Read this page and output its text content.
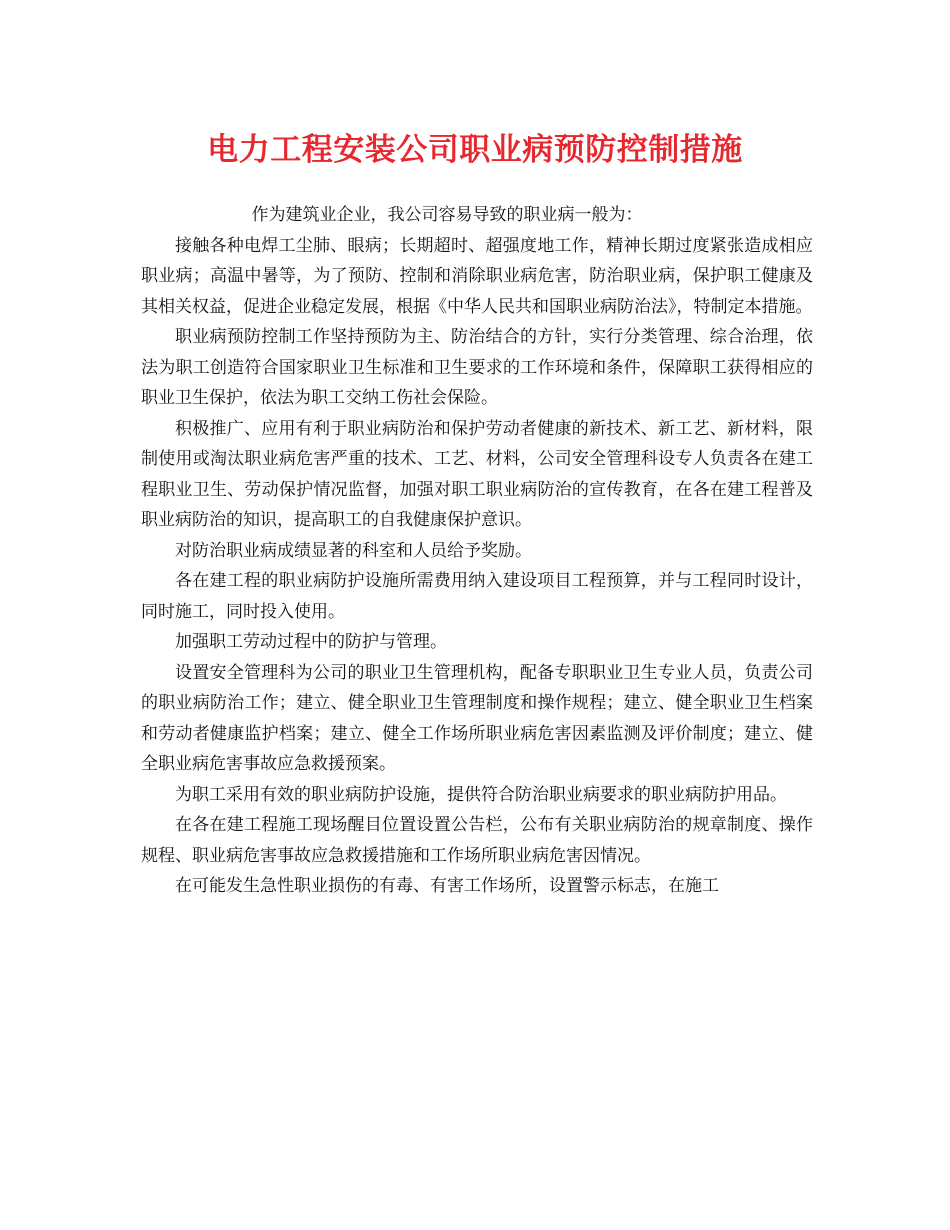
电力工程安装公司职业病预防控制措施

作为建筑业企业，我公司容易导致的职业病一般为：

接触各种电焊工尘肺、眼病；长期超时、超强度地工作，精神长期过度紧张造成相应职业病；高温中暑等，为了预防、控制和消除职业病危害，防治职业病，保护职工健康及其相关权益，促进企业稳定发展，根据《中华人民共和国职业病防治法》，特制定本措施。

职业病预防控制工作坚持预防为主、防治结合的方针，实行分类管理、综合治理，依法为职工创造符合国家职业卫生标准和卫生要求的工作环境和条件，保障职工获得相应的职业卫生保护，依法为职工交纳工伤社会保险。

积极推广、应用有利于职业病防治和保护劳动者健康的新技术、新工艺、新材料，限制使用或淘汰职业病危害严重的技术、工艺、材料，公司安全管理科设专人负责各在建工程职业卫生、劳动保护情况监督，加强对职工职业病防治的宣传教育，在各在建工程普及职业病防治的知识，提高职工的自我健康保护意识。

对防治职业病成绩显著的科室和人员给予奖励。

各在建工程的职业病防护设施所需费用纳入建设项目工程预算，并与工程同时设计，同时施工，同时投入使用。

加强职工劳动过程中的防护与管理。

设置安全管理科为公司的职业卫生管理机构，配备专职职业卫生专业人员，负责公司的职业病防治工作；建立、健全职业卫生管理制度和操作规程；建立、健全职业卫生档案和劳动者健康监护档案；建立、健全工作场所职业病危害因素监测及评价制度；建立、健全职业病危害事故应急救援预案。

为职工采用有效的职业病防护设施，提供符合防治职业病要求的职业病防护用品。

在各在建工程施工现场醒目位置设置公告栏，公布有关职业病防治的规章制度、操作规程、职业病危害事故应急救援措施和工作场所职业病危害因情况。

在可能发生急性职业损伤的有毒、有害工作场所，设置警示标志，在施工
